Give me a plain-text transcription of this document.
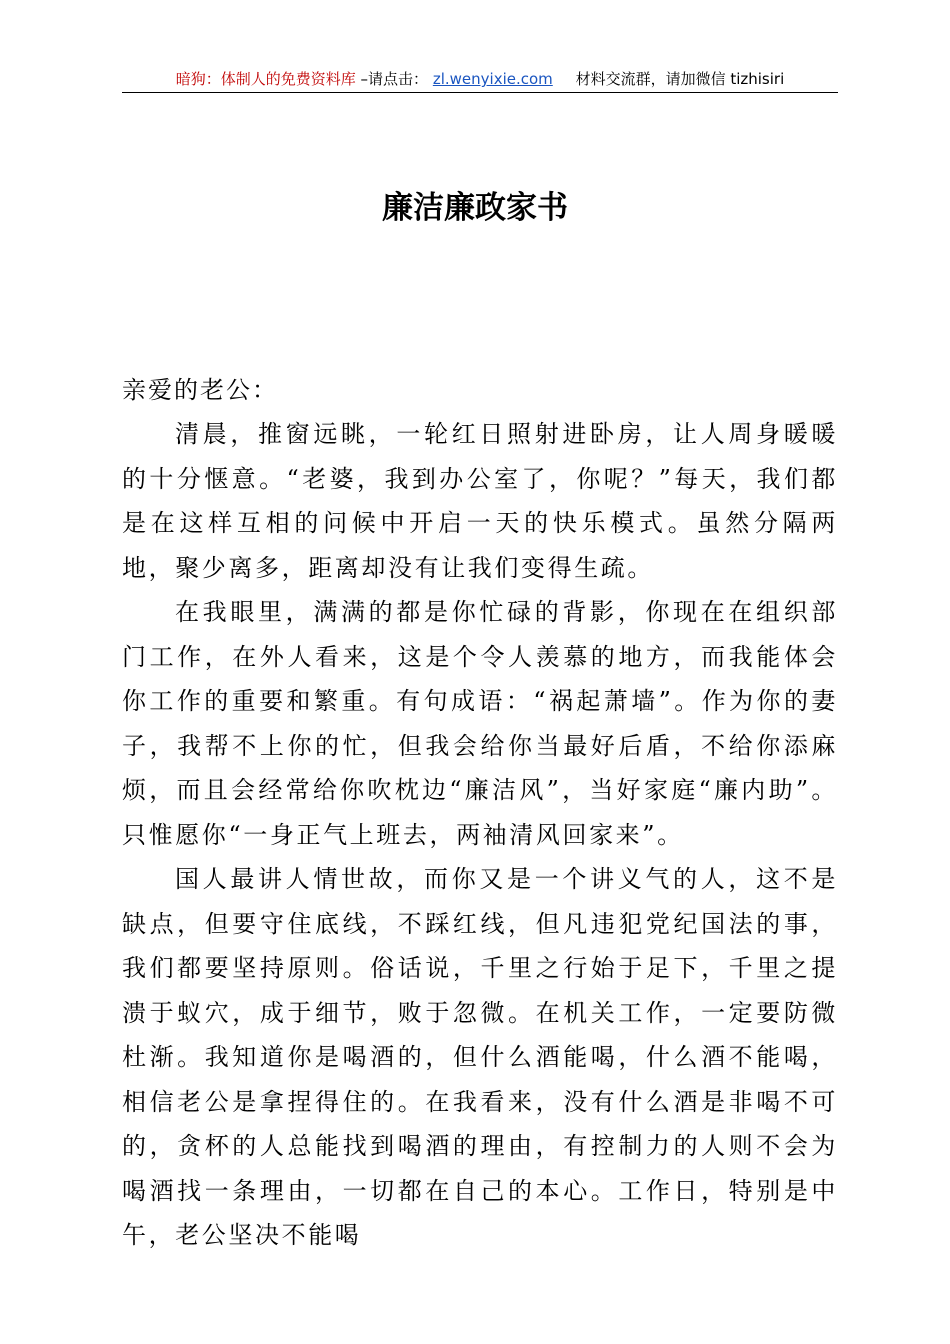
暗狗：体制人的免费资料库 –请点击： zl.wenyixie.com 材料交流群，请加微信 tizhisiri
廉洁廉政家书
亲爱的老公：

清晨，推窗远眺，一轮红日照射进卧房，让人周身暖暖的十分惬意。“老婆，我到办公室了，你呢？”每天，我们都是在这样互相的问候中开启一天的快乐模式。虽然分隔两地，聚少离多，距离却没有让我们变得生疏。

在我眼里，满满的都是你忙碌的背影，你现在在组织部门工作，在外人看来，这是个令人羡慕的地方，而我能体会你工作的重要和繁重。有句成语：“祸起萧墙”。作为你的妻子，我帮不上你的忙，但我会给你当最好后盾，不给你添麻烦，而且会经常给你吹枕边“廉洁风”，当好家庭“廉内助”。只惟愿你“一身正气上班去，两袖清风回家来”。

国人最讲人情世故，而你又是一个讲义气的人，这不是缺点，但要守住底线，不踩红线，但凡违犯党纪国法的事，我们都要坚持原则。俗话说，千里之行始于足下，千里之提溃于蚁穴，成于细节，败于忽微。在机关工作，一定要防微杜渐。我知道你是喝酒的，但什么酒能喝，什么酒不能喝，相信老公是拿捏得住的。在我看来，没有什么酒是非喝不可的，贪杯的人总能找到喝酒的理由，有控制力的人则不会为喝酒找一条理由，一切都在自己的本心。工作日，特别是中午，老公坚决不能喝
